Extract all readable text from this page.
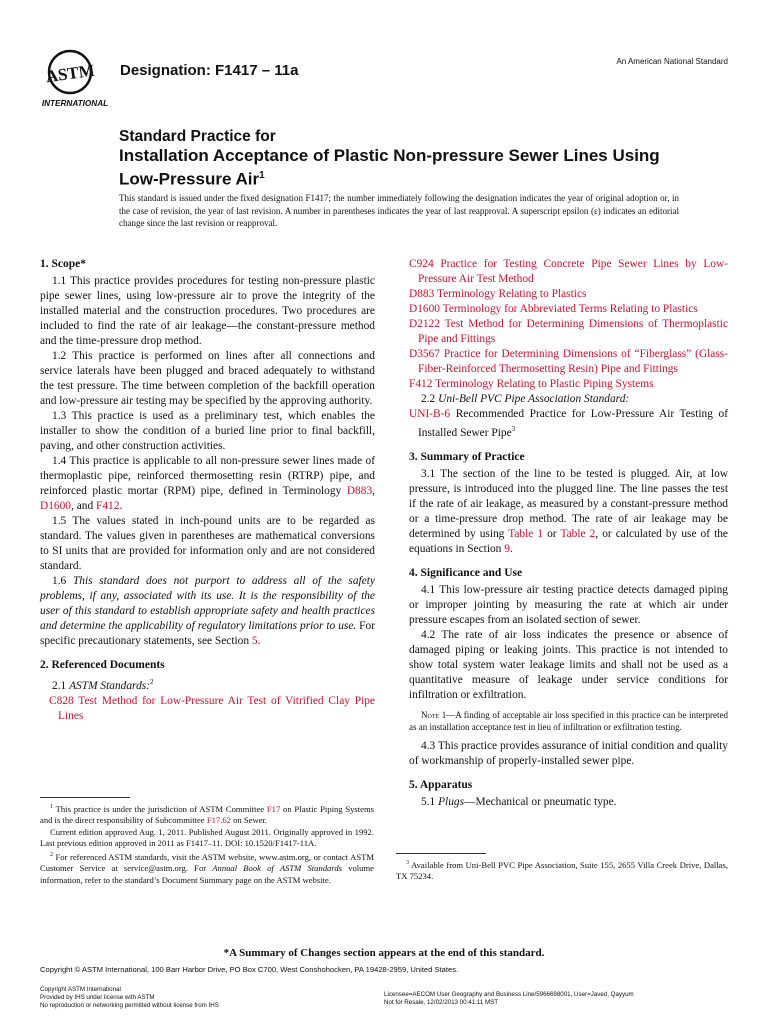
ASTM
INTERNATIONAL
Designation: F1417 – 11a
An American National Standard
Standard Practice for
Installation Acceptance of Plastic Non-pressure Sewer Lines Using Low-Pressure Air$^1$
This standard is issued under the fixed designation F1417; the number immediately following the designation indicates the year of original adoption or, in the case of revision, the year of last revision. A number in parentheses indicates the year of last reapproval. A superscript epsilon (ε) indicates an editorial change since the last revision or reapproval.
1. Scope*

1.1 This practice provides procedures for testing non-pressure plastic pipe sewer lines, using low-pressure air to prove the integrity of the installed material and the construction procedures. Two procedures are included to find the rate of air leakage—the constant-pressure method and the time-pressure drop method.

1.2 This practice is performed on lines after all connections and service laterals have been plugged and braced adequately to withstand the test pressure. The time between completion of the backfill operation and low-pressure air testing may be specified by the approving authority.

1.3 This practice is used as a preliminary test, which enables the installer to show the condition of a buried line prior to final backfill, paving, and other construction activities.

1.4 This practice is applicable to all non-pressure sewer lines made of thermoplastic pipe, reinforced thermosetting resin (RTRP) pipe, and reinforced plastic mortar (RPM) pipe, defined in Terminology D883, D1600, and F412.

1.5 The values stated in inch-pound units are to be regarded as standard. The values given in parentheses are mathematical conversions to SI units that are provided for information only and are not considered standard.

1.6 This standard does not purport to address all of the safety problems, if any, associated with its use. It is the responsibility of the user of this standard to establish appropriate safety and health practices and determine the applicability of regulatory limitations prior to use. For specific precautionary statements, see Section 5.

2. Referenced Documents

2.1 ASTM Standards:$^2$

C828 Test Method for Low-Pressure Air Test of Vitrified Clay Pipe Lines

C924 Practice for Testing Concrete Pipe Sewer Lines by Low-Pressure Air Test Method

D883 Terminology Relating to Plastics

D1600 Terminology for Abbreviated Terms Relating to Plastics

D2122 Test Method for Determining Dimensions of Thermoplastic Pipe and Fittings

D3567 Practice for Determining Dimensions of “Fiberglass” (Glass-Fiber-Reinforced Thermosetting Resin) Pipe and Fittings

F412 Terminology Relating to Plastic Piping Systems

2.2 Uni-Bell PVC Pipe Association Standard:

UNI-B-6 Recommended Practice for Low-Pressure Air Testing of Installed Sewer Pipe$^3$

3. Summary of Practice

3.1 The section of the line to be tested is plugged. Air, at low pressure, is introduced into the plugged line. The line passes the test if the rate of air leakage, as measured by a constant-pressure method or a time-pressure drop method. The rate of air leakage may be determined by using Table 1 or Table 2, or calculated by use of the equations in Section 9.

4. Significance and Use

4.1 This low-pressure air testing practice detects damaged piping or improper jointing by measuring the rate at which air under pressure escapes from an isolated section of sewer.

4.2 The rate of air loss indicates the presence or absence of damaged piping or leaking joints. This practice is not intended to show total system water leakage limits and shall not be used as a quantitative measure of leakage under service conditions for infiltration or exfiltration.

Note 1—A finding of acceptable air loss specified in this practice can be interpreted as an installation acceptance test in lieu of infiltration or exfiltration testing.

4.3 This practice provides assurance of initial condition and quality of workmanship of properly-installed sewer pipe.

5. Apparatus

5.1 Plugs—Mechanical or pneumatic type.

$^1$ This practice is under the jurisdiction of ASTM Committee F17 on Plastic Piping Systems and is the direct responsibility of Subcommittee F17.62 on Sewer.

Current edition approved Aug. 1, 2011. Published August 2011. Originally approved in 1992. Last previous edition approved in 2011 as F1417–11. DOI: 10.1520/F1417-11A.

$^2$ For referenced ASTM standards, visit the ASTM website, www.astm.org, or contact ASTM Customer Service at service@astm.org. For Annual Book of ASTM Standards volume information, refer to the standard’s Document Summary page on the ASTM website.

$^3$ Available from Uni-Bell PVC Pipe Association, Suite 155, 2655 Villa Creek Drive, Dallas, TX 75234.

*A Summary of Changes section appears at the end of this standard.
Copyright © ASTM International, 100 Barr Harbor Drive, PO Box C700, West Conshohocken, PA 19428-2959, United States.
Copyright ASTM International
Provided by IHS under license with ASTM
No reproduction or networking permitted without license from IHS
Licensee=AECOM User Geography and Business Line/5966698001, User=Javed, Qayyum
Not for Resale, 12/02/2013 00:41:11 MST
